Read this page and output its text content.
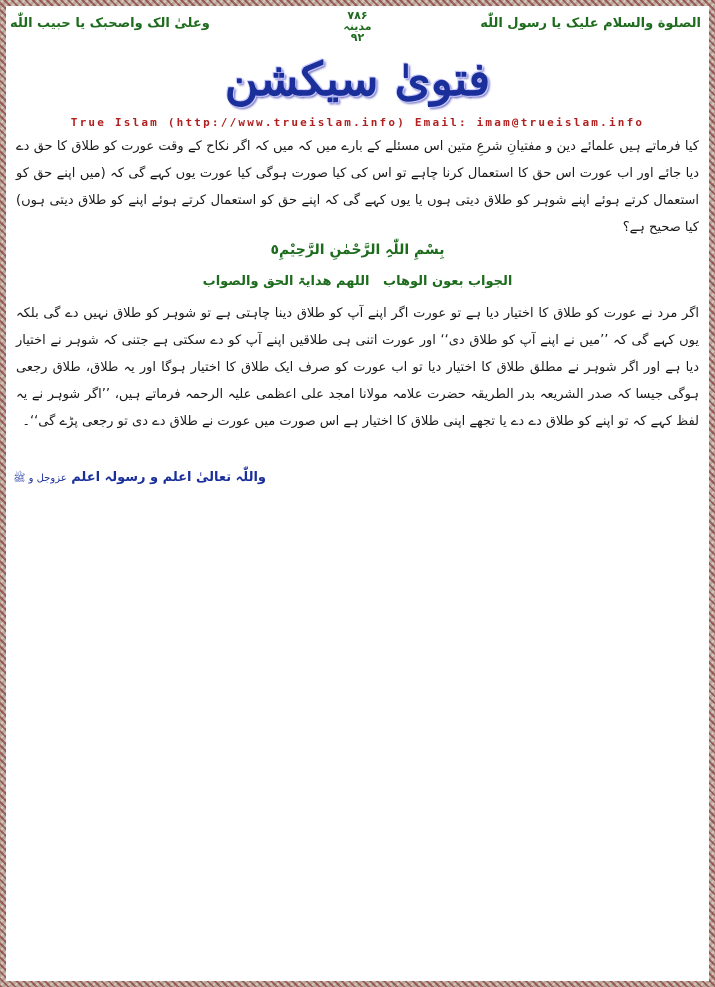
الصلوة والسلام عليک يا رسول اللّٰه
۷۸۶
مدینہ
۹۲
وعلیٰ الک واصحبک يا حبيب اللّٰه
فتویٰ سیکشن
True Islam (http://www.trueislam.info) Email: imam@trueislam.info
کیا فرماتے ہیں علمائے دین و مفتیانِ شرعِ متین اس مسئلے کے بارے میں کہ میں کہ اگر نکاح کے وقت عورت کو طلاق کا حق دے دیا جائے اور اب عورت اس حق کا استعمال کرنا چاہے تو اس کی کیا صورت ہوگی کیا عورت یوں کہے گی کہ (میں اپنے حق کو استعمال کرتے ہوئے اپنے شوہر کو طلاق دیتی ہوں یا یوں کہے گی کہ اپنے حق کو استعمال کرتے ہوئے اپنے کو طلاق دیتی ہوں) کیا صحیح ہے؟
بِسْمِ اللّٰہِ الرَّحْمٰنِ الرَّحِیْمِ٥
الجواب بعون الوھاب   اللھم ھدایۃ الحق والصواب
اگر مرد نے عورت کو طلاق کا اختیار دیا ہے تو عورت اگر اپنے آپ کو طلاق دینا چاہتی ہے تو شوہر کو طلاق نہیں دے گی بلکہ یوں کہے گی کہ ’’میں نے اپنے آپ کو طلاق دی‘‘ اور عورت اتنی ہی طلاقیں اپنے آپ کو دے سکتی ہے جتنی کہ شوہر نے اختیار دیا ہے اور اگر شوہر نے مطلق طلاق کا اختیار دیا تو اب عورت کو صرف ایک طلاق کا اختیار ہوگا اور یہ طلاق، طلاق رجعی ہوگی جیسا کہ صدر الشریعہ بدر الطریقہ حضرت علامہ مولانا امجد علی اعظمی علیہ الرحمہ فرماتے ہیں، ’’اگر شوہر نے یہ لفظ کہے کہ تو اپنے کو طلاق دے دے یا تجھے اپنی طلاق کا اختیار ہے اس صورت میں عورت نے طلاق دے دی تو رجعی پڑے گی‘‘۔
واللّٰہ تعالیٰ اعلم و رسولہ اعلم عزوجل و ﷺ
